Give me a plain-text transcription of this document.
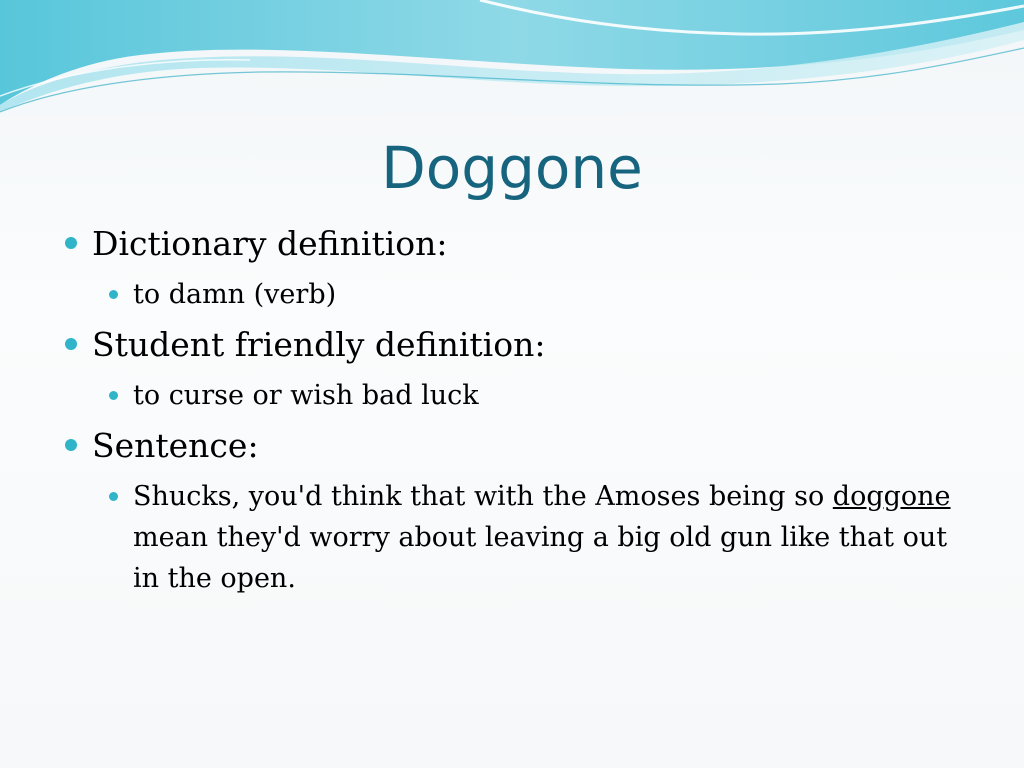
Doggone
Dictionary definition:
to damn (verb)
Student friendly definition:
to curse or wish bad luck
Sentence:
Shucks, you'd think that with the Amoses being so doggone mean they'd worry about leaving a big old gun like that out in the open.
